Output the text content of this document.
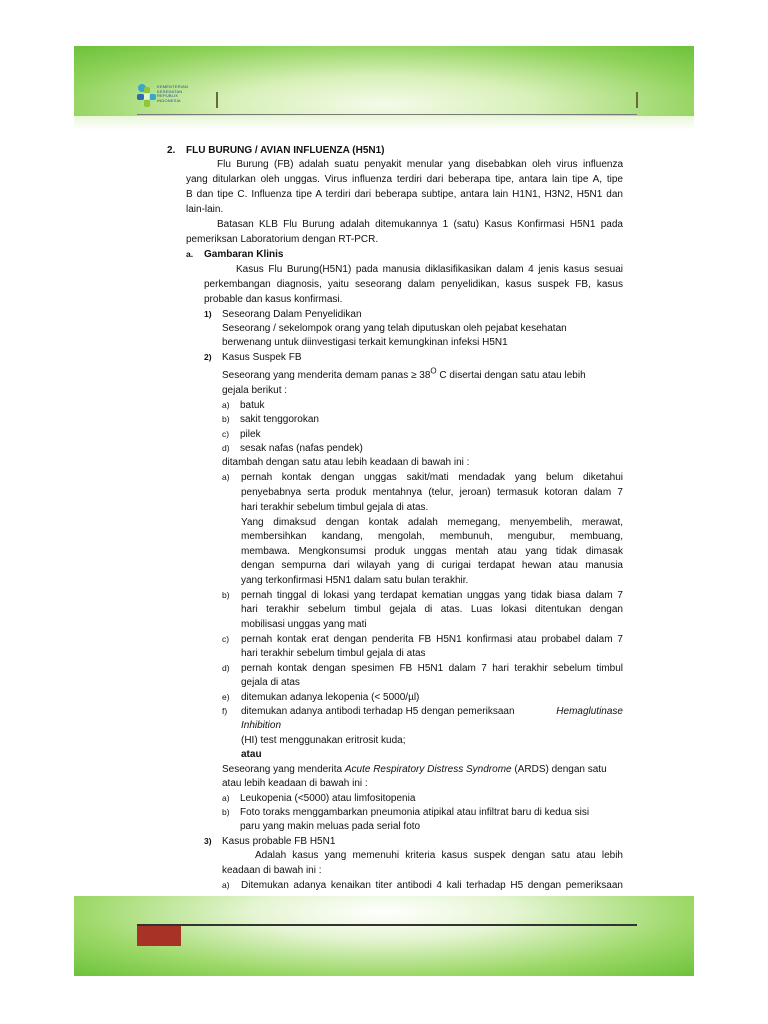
KEMENTERIAN
KESEHATAN
REPUBLIK
INDONESIA
2. FLU BURUNG / AVIAN INFLUENZA (H5N1)
Flu Burung (FB) adalah suatu penyakit menular yang disebabkan oleh virus influenza
yang ditularkan oleh unggas. Virus influenza terdiri dari beberapa tipe, antara lain tipe A, tipe
B dan tipe C. Influenza tipe A terdiri dari beberapa subtipe, antara lain H1N1, H3N2, H5N1 dan
lain-lain.
Batasan KLB Flu Burung adalah ditemukannya 1 (satu) Kasus Konfirmasi H5N1 pada
pemeriksan Laboratorium dengan RT-PCR.
a. Gambaran Klinis
Kasus Flu Burung(H5N1) pada manusia diklasifikasikan dalam 4 jenis kasus sesuai
perkembangan diagnosis, yaitu seseorang dalam penyelidikan, kasus suspek FB, kasus
probable dan kasus konfirmasi.
1) Seseorang Dalam Penyelidikan
Seseorang / sekelompok orang yang telah diputuskan oleh pejabat kesehatan
berwenang untuk diinvestigasi terkait kemungkinan infeksi H5N1
2) Kasus Suspek FB
Seseorang yang menderita demam panas ≥ $38^O$ C disertai dengan satu atau lebih
gejala berikut :
a) batuk
b) sakit tenggorokan
c) pilek
d) sesak nafas (nafas pendek)
ditambah dengan satu atau lebih keadaan di bawah ini :
a) pernah kontak dengan unggas sakit/mati mendadak yang belum diketahui
penyebabnya serta produk mentahnya (telur, jeroan) termasuk kotoran dalam 7
hari terakhir sebelum timbul gejala di atas.
Yang dimaksud dengan kontak adalah memegang, menyembelih, merawat,
membersihkan kandang, mengolah, membunuh, mengubur, membuang,
membawa. Mengkonsumsi produk unggas mentah atau yang tidak dimasak
dengan sempurna dari wilayah yang di curigai terdapat hewan atau manusia
yang terkonfirmasi H5N1 dalam satu bulan terakhir.
b) pernah tinggal di lokasi yang terdapat kematian unggas yang tidak biasa dalam 7
hari terakhir sebelum timbul gejala di atas. Luas lokasi ditentukan dengan
mobilisasi unggas yang mati
c) pernah kontak erat dengan penderita FB H5N1 konfirmasi atau probabel dalam 7
hari terakhir sebelum timbul gejala di atas
d) pernah kontak dengan spesimen FB H5N1 dalam 7 hari terakhir sebelum timbul
gejala di atas
e) ditemukan adanya lekopenia (< 5000/µl)
f) ditemukan adanya antibodi terhadap H5 dengan pemeriksaan	Hemaglutinase
Inhibition
(HI) test menggunakan eritrosit kuda;
atau
Seseorang yang menderita Acute Respiratory Distress Syndrome (ARDS) dengan satu
atau lebih keadaan di bawah ini :
a) Leukopenia (<5000) atau limfositopenia
b) Foto toraks menggambarkan pneumonia atipikal atau infiltrat baru di kedua sisi
paru yang makin meluas pada serial foto
3) Kasus probable FB H5N1
Adalah kasus yang memenuhi kriteria kasus suspek dengan satu atau lebih
keadaan di bawah ini :
a) Ditemukan adanya kenaikan titer antibodi 4 kali terhadap H5 dengan pemeriksaan
